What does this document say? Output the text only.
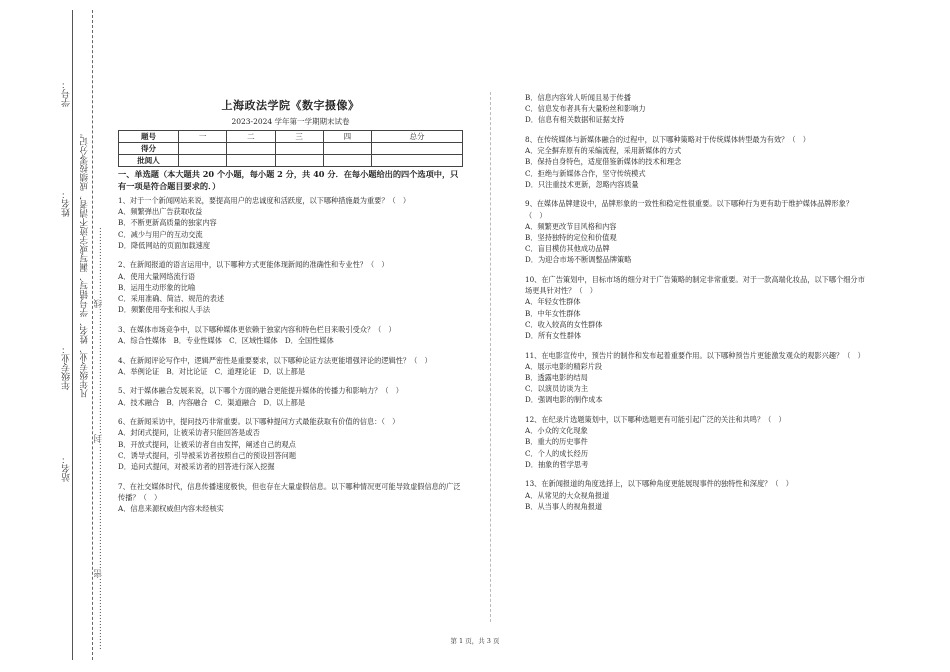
学号：
姓名：
年级专业：
站名：
凡年级专业、姓名、学号错写、漏写或字迹不清者，成绩按零分记。 ……………………密……………………………………封……………………………………线……………………
上海政法学院《数字摄像》
2023-2024 学年第一学期期末试卷
题号	一	二	三	四	总分
得分					
批阅人					
一、单选题（本大题共 20 个小题，每小题 2 分，共 40 分．在每小题给出的四个选项中，只有一项是符合题目要求的．）
1、对于一个新闻网站来说，要提高用户的忠诚度和活跃度，以下哪种措施最为重要？（　）
A．频繁弹出广告获取收益
B．不断更新高质量的独家内容
C．减少与用户的互动交流
D．降低网站的页面加载速度
2、在新闻报道的语言运用中，以下哪种方式更能体现新闻的准确性和专业性？（　）
A．使用大量网络流行语
B．运用生动形象的比喻
C．采用准确、简洁、规范的表述
D．频繁使用夸张和拟人手法
3、在媒体市场竞争中，以下哪种媒体更依赖于独家内容和特色栏目来吸引受众？（　）
A．综合性媒体　B．专业性媒体　C．区域性媒体　D．全国性媒体
4、在新闻评论写作中，逻辑严密性是重要要求，以下哪种论证方法更能增强评论的逻辑性？（　）
A．举例论证　B．对比论证　C．道理论证　D．以上都是
5、对于媒体融合发展来说，以下哪个方面的融合更能提升媒体的传播力和影响力？（　）
A．技术融合　B．内容融合　C．渠道融合　D．以上都是
6、在新闻采访中，提问技巧非常重要。以下哪种提问方式最能获取有价值的信息：（　）
A．封闭式提问，让被采访者只能回答是或否
B．开放式提问，让被采访者自由发挥，阐述自己的观点
C．诱导式提问，引导被采访者按照自己的预设回答问题
D．追问式提问，对被采访者的回答进行深入挖掘
7、在社交媒体时代，信息传播速度极快，但也存在大量虚假信息。以下哪种情况更可能导致虚假信息的广泛传播？（　）
A．信息来源权威但内容未经核实
B．信息内容耸人听闻且易于传播
C．信息发布者具有大量粉丝和影响力
D．信息有相关数据和证据支持
8、在传统媒体与新媒体融合的过程中，以下哪种策略对于传统媒体转型最为有效？（　）
A．完全摒弃原有的采编流程，采用新媒体的方式
B．保持自身特色，适度借鉴新媒体的技术和理念
C．拒绝与新媒体合作，坚守传统模式
D．只注重技术更新，忽略内容质量
9、在媒体品牌建设中，品牌形象的一致性和稳定性很重要。以下哪种行为更有助于维护媒体品牌形象？（　）
A．频繁更改节目风格和内容
B．坚持独特的定位和价值观
C．盲目模仿其他成功品牌
D．为迎合市场不断调整品牌策略
10、在广告策划中，目标市场的细分对于广告策略的制定非常重要。对于一款高端化妆品，以下哪个细分市场更具针对性？（　）
A．年轻女性群体
B．中年女性群体
C．收入较高的女性群体
D．所有女性群体
11、在电影宣传中，预告片的制作和发布起着重要作用。以下哪种预告片更能激发观众的观影兴趣？（　）
A．展示电影的精彩片段
B．透露电影的结局
C．以演员访谈为主
D．强调电影的制作成本
12、在纪录片选题策划中，以下哪种选题更有可能引起广泛的关注和共鸣？（　）
A．小众的文化现象
B．重大的历史事件
C．个人的成长经历
D．抽象的哲学思考
13、在新闻报道的角度选择上，以下哪种角度更能展现事件的独特性和深度？（　）
A．从常见的大众视角报道
B．从当事人的视角报道
第 1 页，共 3 页
